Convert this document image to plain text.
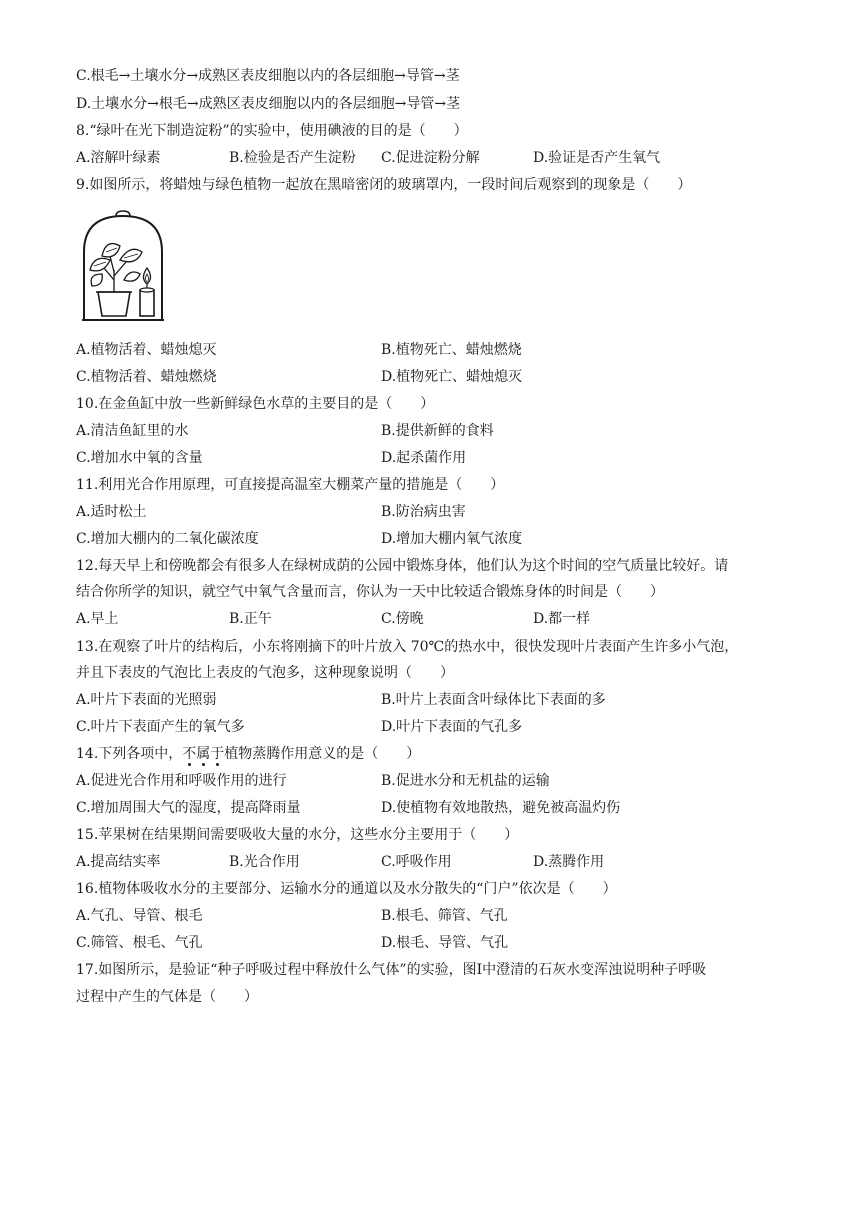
C.根毛→土壤水分→成熟区表皮细胞以内的各层细胞→导管→茎
D.土壤水分→根毛→成熟区表皮细胞以内的各层细胞→导管→茎
8.“绿叶在光下制造淀粉”的实验中，使用碘液的目的是（　　）
A.溶解叶绿素	B.检验是否产生淀粉 C.促进淀粉分解	D.验证是否产生氧气
9.如图所示，将蜡烛与绿色植物一起放在黑暗密闭的玻璃罩内，一段时间后观察到的现象是（　　）
A.植物活着、蜡烛熄灭	B.植物死亡、蜡烛燃烧
C.植物活着、蜡烛燃烧	D.植物死亡、蜡烛熄灭
10.在金鱼缸中放一些新鲜绿色水草的主要目的是（　　）
A.清洁鱼缸里的水	B.提供新鲜的食料
C.增加水中氧的含量	D.起杀菌作用
11.利用光合作用原理，可直接提高温室大棚菜产量的措施是（　　）
A.适时松土	B.防治病虫害
C.增加大棚内的二氧化碳浓度	D.增加大棚内氧气浓度
12.每天早上和傍晚都会有很多人在绿树成荫的公园中锻炼身体，他们认为这个时间的空气质量比较好。请
结合你所学的知识，就空气中氧气含量而言，你认为一天中比较适合锻炼身体的时间是（　　）
A.早上	B.正午	C.傍晚	D.都一样
13.在观察了叶片的结构后，小东将刚摘下的叶片放入 70℃的热水中，很快发现叶片表面产生许多小气泡，
并且下表皮的气泡比上表皮的气泡多，这种现象说明（　　）
A.叶片下表面的光照弱	B.叶片上表面含叶绿体比下表面的多
C.叶片下表面产生的氧气多	D.叶片下表面的气孔多
14.下列各项中，不属于植物蒸腾作用意义的是（　　）
A.促进光合作用和呼吸作用的进行	B.促进水分和无机盐的运输
C.增加周围大气的湿度，提高降雨量	D.使植物有效地散热，避免被高温灼伤
15.苹果树在结果期间需要吸收大量的水分，这些水分主要用于（　　）
A.提高结实率	B.光合作用	C.呼吸作用	D.蒸腾作用
16.植物体吸收水分的主要部分、运输水分的通道以及水分散失的“门户”依次是（　　）
A.气孔、导管、根毛	B.根毛、筛管、气孔
C.筛管、根毛、气孔	D.根毛、导管、气孔
17.如图所示，是验证“种子呼吸过程中释放什么气体”的实验，图Ⅰ中澄清的石灰水变浑浊说明种子呼吸
过程中产生的气体是（　　）
